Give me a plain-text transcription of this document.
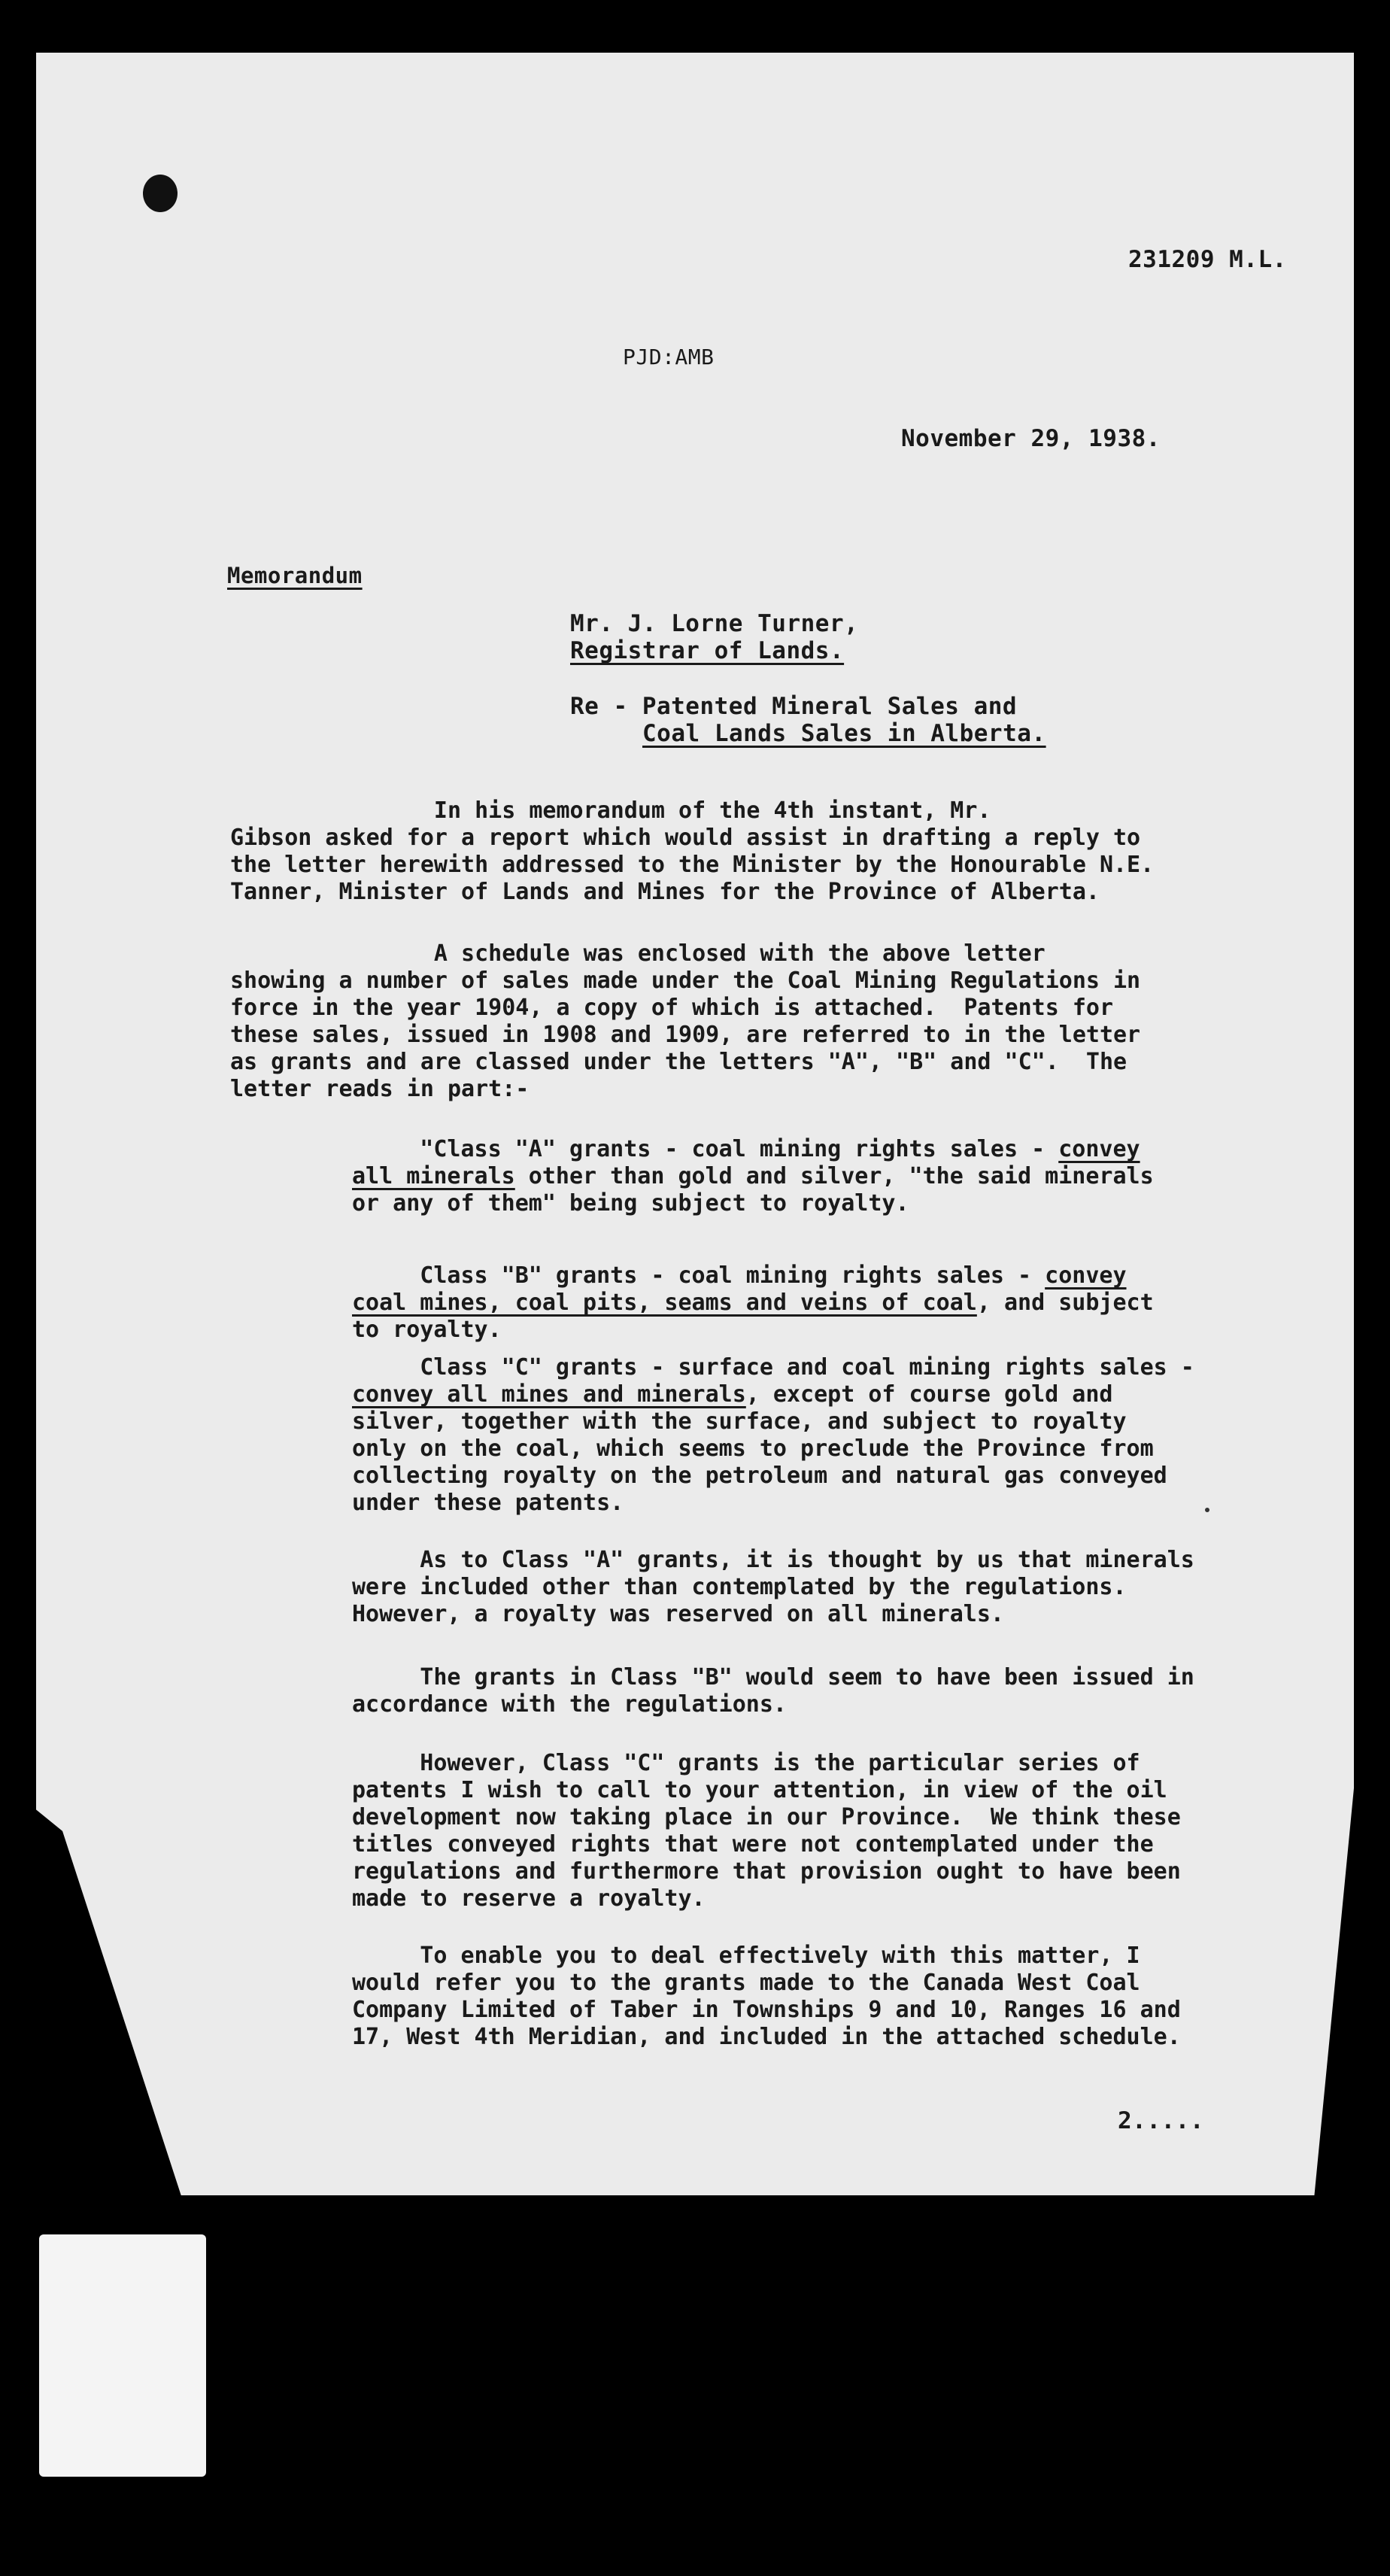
231209 M.L.
PJD:AMB
November 29, 1938.
Memorandum
Mr. J. Lorne Turner,
Registrar of Lands.
Re - Patented Mineral Sales and
Coal Lands Sales in Alberta.
In his memorandum of the 4th instant, Mr.
Gibson asked for a report which would assist in drafting a reply to
the letter herewith addressed to the Minister by the Honourable N.E.
Tanner, Minister of Lands and Mines for the Province of Alberta.
A schedule was enclosed with the above letter
showing a number of sales made under the Coal Mining Regulations in
force in the year 1904, a copy of which is attached.  Patents for
these sales, issued in 1908 and 1909, are referred to in the letter
as grants and are classed under the letters "A", "B" and "C".  The
letter reads in part:-
"Class "A" grants - coal mining rights sales - convey
all minerals other than gold and silver, "the said minerals
or any of them" being subject to royalty.
Class "B" grants - coal mining rights sales - convey
coal mines, coal pits, seams and veins of coal, and subject
to royalty.
Class "C" grants - surface and coal mining rights sales -
convey all mines and minerals, except of course gold and
silver, together with the surface, and subject to royalty
only on the coal, which seems to preclude the Province from
collecting royalty on the petroleum and natural gas conveyed
under these patents.
As to Class "A" grants, it is thought by us that minerals
were included other than contemplated by the regulations.
However, a royalty was reserved on all minerals.
The grants in Class "B" would seem to have been issued in
accordance with the regulations.
However, Class "C" grants is the particular series of
patents I wish to call to your attention, in view of the oil
development now taking place in our Province.  We think these
titles conveyed rights that were not contemplated under the
regulations and furthermore that provision ought to have been
made to reserve a royalty.
To enable you to deal effectively with this matter, I
would refer you to the grants made to the Canada West Coal
Company Limited of Taber in Townships 9 and 10, Ranges 16 and
17, West 4th Meridian, and included in the attached schedule.
2.....
